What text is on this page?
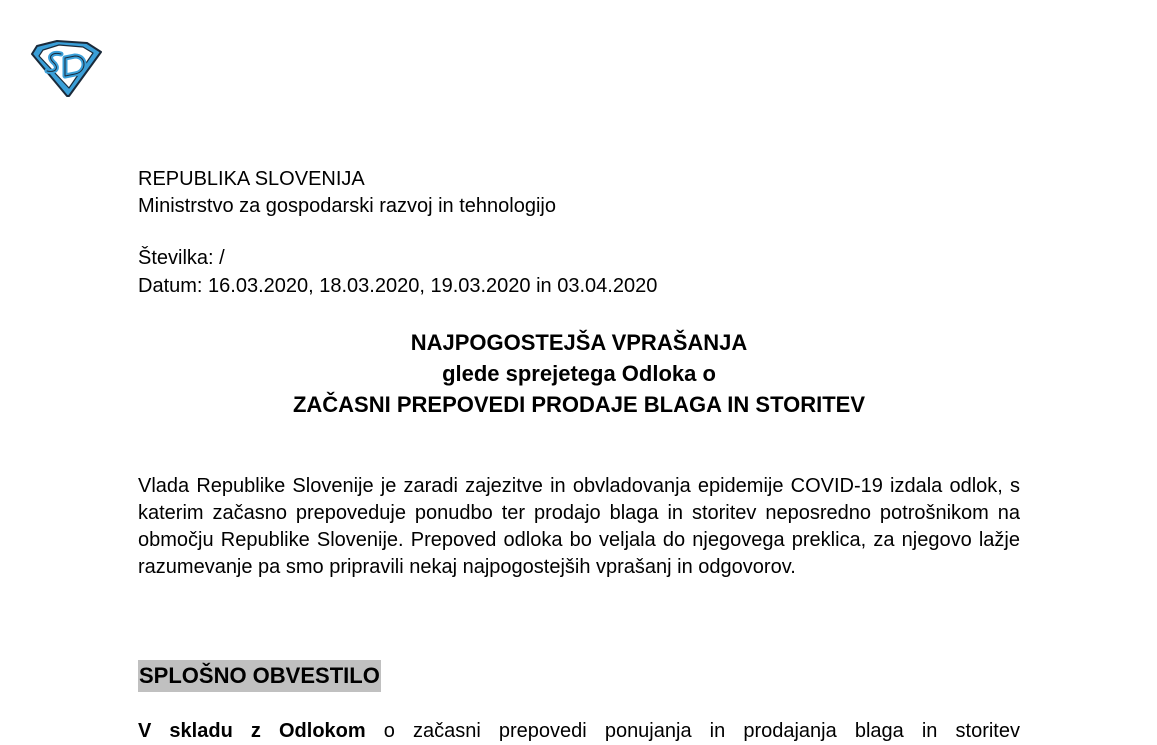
REPUBLIKA SLOVENIJA
Ministrstvo za gospodarski razvoj in tehnologijo
Številka: /
Datum: 16.03.2020, 18.03.2020, 19.03.2020 in 03.04.2020
NAJPOGOSTEJŠA VPRAŠANJA
glede sprejetega Odloka o
ZAČASNI PREPOVEDI PRODAJE BLAGA IN STORITEV
Vlada Republike Slovenije je zaradi zajezitve in obvladovanja epidemije COVID-19 izdala odlok, s katerim začasno prepoveduje ponudbo ter prodajo blaga in storitev neposredno potrošnikom na območju Republike Slovenije. Prepoved odloka bo veljala do njegovega preklica, za njegovo lažje razumevanje pa smo pripravili nekaj najpogostejših vprašanj in odgovorov.
SPLOŠNO OBVESTILO
V skladu z Odlokom o začasni prepovedi ponujanja in prodajanja blaga in storitev
